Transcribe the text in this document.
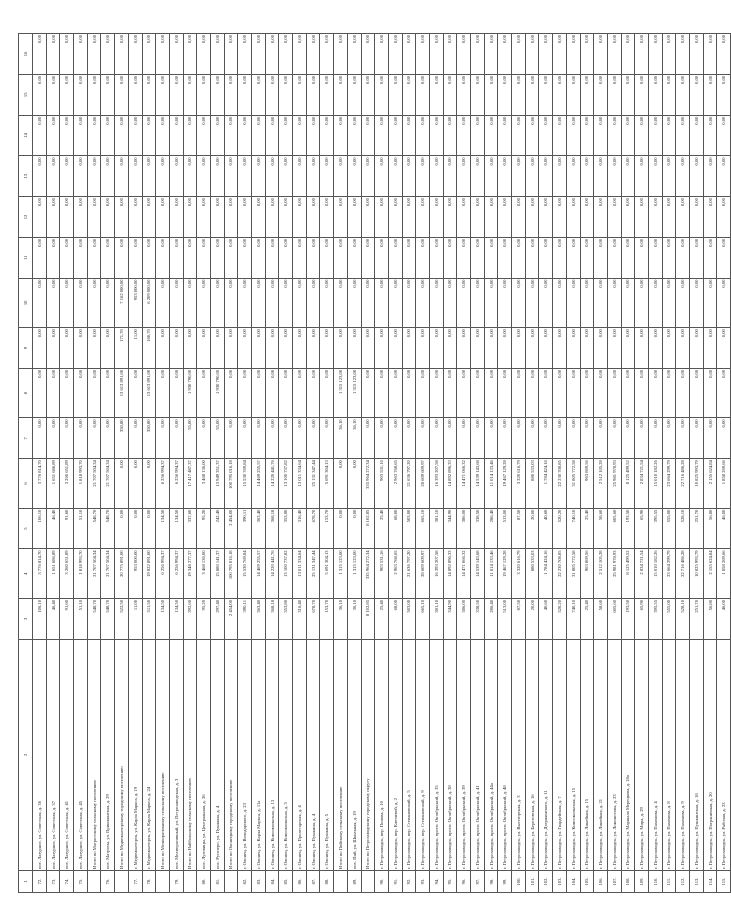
1	2	3	4	5	6	7	8	9	10	11	12	13	14	15	16
72.	пос. Лазурное, ул. Советская, д. 36	106,10	3 776 814,70	106,10	3 776 814,70	0,00	0,00	0,00	0,00	0,00	0,00	0,00	0,00	0,00	0,00
73.	пос. Лазурное, ул. Советская, д. 37	46,40	1 651 686,89	46,40	1 651 686,89	0,00	0,00	0,00	0,00	0,00	0,00	0,00	0,00	0,00	0,00
74.	пос. Лазурное, ул. Советская, д. 41	91,60	3 260 651,89	91,60	3 260 651,89	0,00	0,00	0,00	0,00	0,00	0,00	0,00	0,00	0,00	0,00
75.	пос. Лазурное, ул. Советская, д. 45	51,10	1 818 993,70	51,10	1 818 993,70	0,00	0,00	0,00	0,00	0,00	0,00	0,00	0,00	0,00	0,00
	Итого по Матросскому сельскому поселению	548,70	21 707 504,34	548,70	21 707 504,34	0,00	0,00	0,00	0,00	0,00	0,00	0,00	0,00	0,00	0,00
76.	пос. Матросы, ул. Пришкинская, д. 29	548,70	21 707 504,34	548,70	21 707 504,34	0,00	0,00	0,00	0,00	0,00	0,00	0,00	0,00	0,00	0,00
	Итого по Медвежьегорскому городскому поселению	522,50	20 775 891,00	0,00	0,00	350,80	13 613 891,00	171,70	7 162 000,00	0,00	0,00	0,00	0,00	0,00	0,00
77.	г. Медвежьегорск, ул. Карла Маркса, д. 19	11,00	953 000,00	0,00	0,00	0,00	0,00	11,00	953 000,00	0,00	0,00	0,00	0,00	0,00	0,00
78.	г. Медвежьегорск, ул. Карла Маркса, д. 24	511,50	19 822 891,00	0,00	0,00	350,80	13 613 891,00	160,70	6 209 000,00	0,00	0,00	0,00	0,00	0,00	0,00
	Итого по Мелиоративному сельскому поселению	134,50	6 256 994,37	134,50	6 256 994,37	0,00	0,00	0,00	0,00	0,00	0,00	0,00	0,00	0,00	0,00
79.	пос. Мелиоративный, ул. Петрозаводская, д. 3	134,50	6 256 994,37	134,50	6 256 994,37	0,00	0,00	0,00	0,00	0,00	0,00	0,00	0,00	0,00	0,00
	Итого по Найбольскому сельскому поселению	392,60	19 348 277,37	337,60	17 417 487,37	55,00	1 930 790,00	0,00	0,00	0,00	0,00	0,00	0,00	0,00	0,00
80.	пос. Луговицы, ул. Центральная, д. 36	95,20	3 468 136,00	95,20	3 468 136,00	0,00	0,00	0,00	0,00	0,00	0,00	0,00	0,00	0,00	0,00
81.	пос. Ругозеро, ул. Пушкина, д. 4	297,40	15 880 141,37	242,40	13 949 351,37	55,00	1 930 790,00	0,00	0,00	0,00	0,00	0,00	0,00	0,00	0,00
	Итого по Олонецкому городскому поселению	2 454,00	100 795 016,18	2 454,00	100 795 016,18	0,00	0,00	0,00	0,00	0,00	0,00	0,00	0,00	0,00	0,00
82.	г. Олонец, ул. Володарского, д. 23	390,11	15 530 769,84	390,11	15 530 769,84	0,00	0,00	0,00	0,00	0,00	0,00	0,00	0,00	0,00	0,00
83.	г. Олонец, ул. Карла Маркса, д. 11а	363,40	14 469 255,57	363,40	14 469 255,57	0,00	0,00	0,00	0,00	0,00	0,00	0,00	0,00	0,00	0,00
84.	г. Олонец, ул. Комсомольская, д. 13	368,18	14 220 441,76	368,18	14 220 441,76	0,00	0,00	0,00	0,00	0,00	0,00	0,00	0,00	0,00	0,00
85.	г. Олонец, ул. Комсомольская, д. 5	353,80	13 100 737,82	353,80	13 100 737,82	0,00	0,00	0,00	0,00	0,00	0,00	0,00	0,00	0,00	0,00
86.	г. Олонец, ул. Пролетарская, д. 4	316,40	13 011 334,64	316,40	13 011 334,64	0,00	0,00	0,00	0,00	0,00	0,00	0,00	0,00	0,00	0,00
87.	г. Олонец, ул. Пушкина, д. 4	678,70	25 131 347,44	678,70	25 131 347,44	0,00	0,00	0,00	0,00	0,00	0,00	0,00	0,00	0,00	0,00
88.	г. Олонец, ул. Пушкина, д. 5	153,70	5 691 304,13	153,70	5 691 304,13	0,00	0,00	0,00	0,00	0,00	0,00	0,00	0,00	0,00	0,00
	Итого по Пийскому сельскому поселению	36,10	1 315 123,00	0,00	0,00	36,10	1 315 123,00	0,00	0,00	0,00	0,00	0,00	0,00	0,00	0,00
89.	пос. Пий, ул. Школьная, д. 19	36,10	1 315 123,00	0,00	0,00	36,10	1 315 123,00	0,00	0,00	0,00	0,00	0,00	0,00	0,00	0,00
	Итого по Петрозаводскому городскому округу	8 102,85	335 964 272,34	8 102,85	335 964 272,34	0,00	0,00	0,00	0,00	0,00	0,00	0,00	0,00	0,00	0,00
90.	г. Петрозаводск, пер. Попова, д. 10	25,40	903 531,16	25,40	903 531,16	0,00	0,00	0,00	0,00	0,00	0,00	0,00	0,00	0,00	0,00
91.	г. Петрозаводск, пер. Ключевой, д. 2	68,00	2 963 768,65	68,00	2 963 768,65	0,00	0,00	0,00	0,00	0,00	0,00	0,00	0,00	0,00	0,00
92.	г. Петрозаводск, пер. Степановский, д. 5	503,00	21 636 797,20	503,00	21 636 797,20	0,00	0,00	0,00	0,00	0,00	0,00	0,00	0,00	0,00	0,00
93.	г. Петрозаводск, пер. Степановский, д. 9	665,10	28 609 609,97	665,10	28 609 609,97	0,00	0,00	0,00	0,00	0,00	0,00	0,00	0,00	0,00	0,00
94.	г. Петрозаводск, просп. Октябрьский, д. 35	381,10	16 393 207,58	381,10	16 393 207,58	0,00	0,00	0,00	0,00	0,00	0,00	0,00	0,00	0,00	0,00
95.	г. Петрозаводск, просп. Октябрьский, д. 38	344,90	14 892 896,33	344,90	14 892 896,33	0,00	0,00	0,00	0,00	0,00	0,00	0,00	0,00	0,00	0,00
96.	г. Петрозаводск, просп. Октябрьский, д. 39	386,00	14 471 066,32	386,00	14 471 066,32	0,00	0,00	0,00	0,00	0,00	0,00	0,00	0,00	0,00	0,00
97.	г. Петрозаводск, просп. Октябрьский, д. 41	338,50	14 539 143,68	338,50	14 539 143,68	0,00	0,00	0,00	0,00	0,00	0,00	0,00	0,00	0,00	0,00
98.	г. Петрозаводск, просп. Октябрьский, д. 44а	286,40	11 014 133,46	286,40	11 014 133,46	0,00	0,00	0,00	0,00	0,00	0,00	0,00	0,00	0,00	0,00
99.	г. Петрозаводск, просп. Октябрьский, д. 48	513,00	19 467 129,28	513,00	19 467 129,28	0,00	0,00	0,00	0,00	0,00	0,00	0,00	0,00	0,00	0,00
100.	г. Петрозаводск, ул. Вытегорская, д. 3	87,50	3 320 616,79	87,50	3 320 616,79	0,00	0,00	0,00	0,00	0,00	0,00	0,00	0,00	0,00	0,00
101.	г. Петрозаводск, ул. Березовская, д. 16	20,00	880 533,03	20,00	880 533,03	0,00	0,00	0,00	0,00	0,00	0,00	0,00	0,00	0,00	0,00
102.	г. Петрозаводск, ул. Дзержинского, д. 11	40,60	1 784 424,16	40,60	1 784 424,16	0,00	0,00	0,00	0,00	0,00	0,00	0,00	0,00	0,00	0,00
103.	г. Петрозаводск, ул. Гвардейская, д. 7	520,20	22 230 708,85	520,20	22 230 708,85	0,00	0,00	0,00	0,00	0,00	0,00	0,00	0,00	0,00	0,00
104.	г. Петрозаводск, ул. Комсомольская, д. 15	740,10	31 805 772,58	740,10	31 805 772,58	0,00	0,00	0,00	0,00	0,00	0,00	0,00	0,00	0,00	0,00
105.	г. Петрозаводск, ул. Линейная, д. 15	25,40	963 869,56	25,40	963 869,56	0,00	0,00	0,00	0,00	0,00	0,00	0,00	0,00	0,00	0,00
106.	г. Петрозаводск, ул. Линейная, д. 21	58,60	2 512 105,28	58,60	2 512 105,28	0,00	0,00	0,00	0,00	0,00	0,00	0,00	0,00	0,00	0,00
107.	г. Петрозаводск, ул. Ломоносова, д. 23	605,60	25 981 978,93	605,60	25 981 978,93	0,00	0,00	0,00	0,00	0,00	0,00	0,00	0,00	0,00	0,00
108.	г. Петрозаводск, ул. Маршала Мерецкова, д. 18а	193,50	8 125 499,52	193,50	8 125 499,52	0,00	0,00	0,00	0,00	0,00	0,00	0,00	0,00	0,00	0,00
109.	г. Петрозаводск, ул. Мира, д. 29	65,90	2 834 721,54	65,90	2 834 721,54	0,00	0,00	0,00	0,00	0,00	0,00	0,00	0,00	0,00	0,00
110.	г. Петрозаводск, ул. Пахомова, д. 4	395,55	15 010 182,26	395,55	15 010 182,26	0,00	0,00	0,00	0,00	0,00	0,00	0,00	0,00	0,00	0,00
111.	г. Петрозаводск, ул. Пахомова, д. 8	555,00	23 664 299,79	555,00	23 664 299,79	0,00	0,00	0,00	0,00	0,00	0,00	0,00	0,00	0,00	0,00
112.	г. Петрозаводск, ул. Пахомова, д. 9	528,10	22 716 486,28	528,10	22 716 486,28	0,00	0,00	0,00	0,00	0,00	0,00	0,00	0,00	0,00	0,00
113.	г. Петрозаводск, ул. Пушкинская, д. 18	251,70	10 825 993,79	251,70	10 825 993,79	0,00	0,00	0,00	0,00	0,00	0,00	0,00	0,00	0,00	0,00
114.	г. Петрозаводск, ул. Пограничная, д. 20	56,80	2 155 624,84	56,80	2 155 624,84	0,00	0,00	0,00	0,00	0,00	0,00	0,00	0,00	0,00	0,00
115.	г. Петрозаводск, ул. Рабочая, д. 23	46,00	1 858 269,66	46,00	1 858 269,66	0,00	0,00	0,00	0,00	0,00	0,00	0,00	0,00	0,00	0,00
